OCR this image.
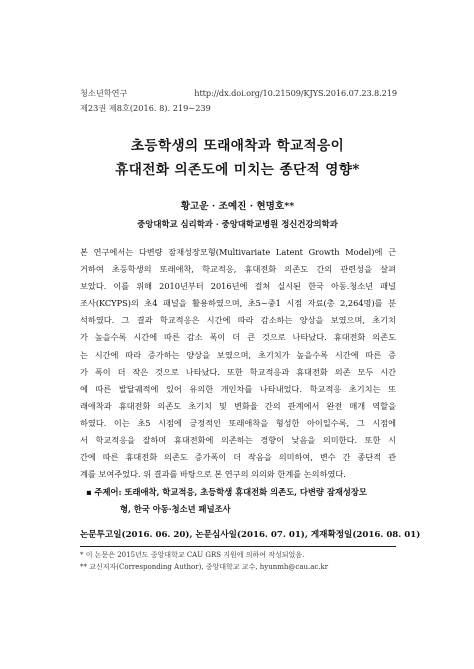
청소년학연구	http://dx.doi.org/10.21509/KJYS.2016.07.23.8.219
제23권 제8호(2016. 8). 219∼239
초등학생의 또래애착과 학교적응이
휴대전화 의존도에 미치는 종단적 영향*
황고운 · 조예진 · 현명호**
중앙대학교 심리학과 · 중앙대학교병원 정신건강의학과
본 연구에서는 다변량 잠재성장모형(Multivariate Latent Growth Model)에 근
거하여 초등학생의 또래애착, 학교적응, 휴대전화 의존도 간의 관련성을 살펴
보았다. 이를 위해 2010년부터 2016년에 걸쳐 실시된 한국 아동.청소년 패널
조사(KCYPS)의 초4 패널을 활용하였으며, 초5~중1 시점 자료(총 2,264명)를 분
석하였다. 그 결과 학교적응은 시간에 따라 감소하는 양상을 보였으며, 초기치
가 높을수록 시간에 따른 감소 폭이 더 큰 것으로 나타났다. 휴대전화 의존도
는 시간에 따라 증가하는 양상을 보였으며, 초기치가 높을수록 시간에 따른 증
가 폭이 더 작은 것으로 나타났다. 또한 학교적응과 휴대전화 의존 모두 시간
에 따른 발달궤적에 있어 유의한 개인차를 나타내었다. 학교적응 초기치는 또
래애착과 휴대전화 의존도 초기치 및 변화율 간의 관계에서 완전 매개 역할을
하였다. 이는 초5 시점에 긍정적인 또래애착을 형성한 아이일수록, 그 시점에
서 학교적응을 잘하며 휴대전화에 의존하는 경향이 낮음을 의미한다. 또한 시
간에 따른 휴대전화 의존도 증가폭이 더 작음을 의미하여, 변수 간 종단적 관
계를 보여주었다. 위 결과를 바탕으로 본 연구의 의의와 한계를 논의하였다.
▪ 주제어: 또래애착, 학교적응, 초등학생 휴대전화 의존도, 다변량 잠재성장모
형, 한국 아동·청소년 패널조사
논문투고일(2016. 06. 20), 논문심사일(2016. 07. 01), 게재확정일(2016. 08. 01)
* 이 논문은 2015년도 중앙대학교 CAU GRS 지원에 의하여 작성되었음.
** 교신저자(Corresponding Author), 중앙대학교 교수, hyunmh@cau.ac.kr
